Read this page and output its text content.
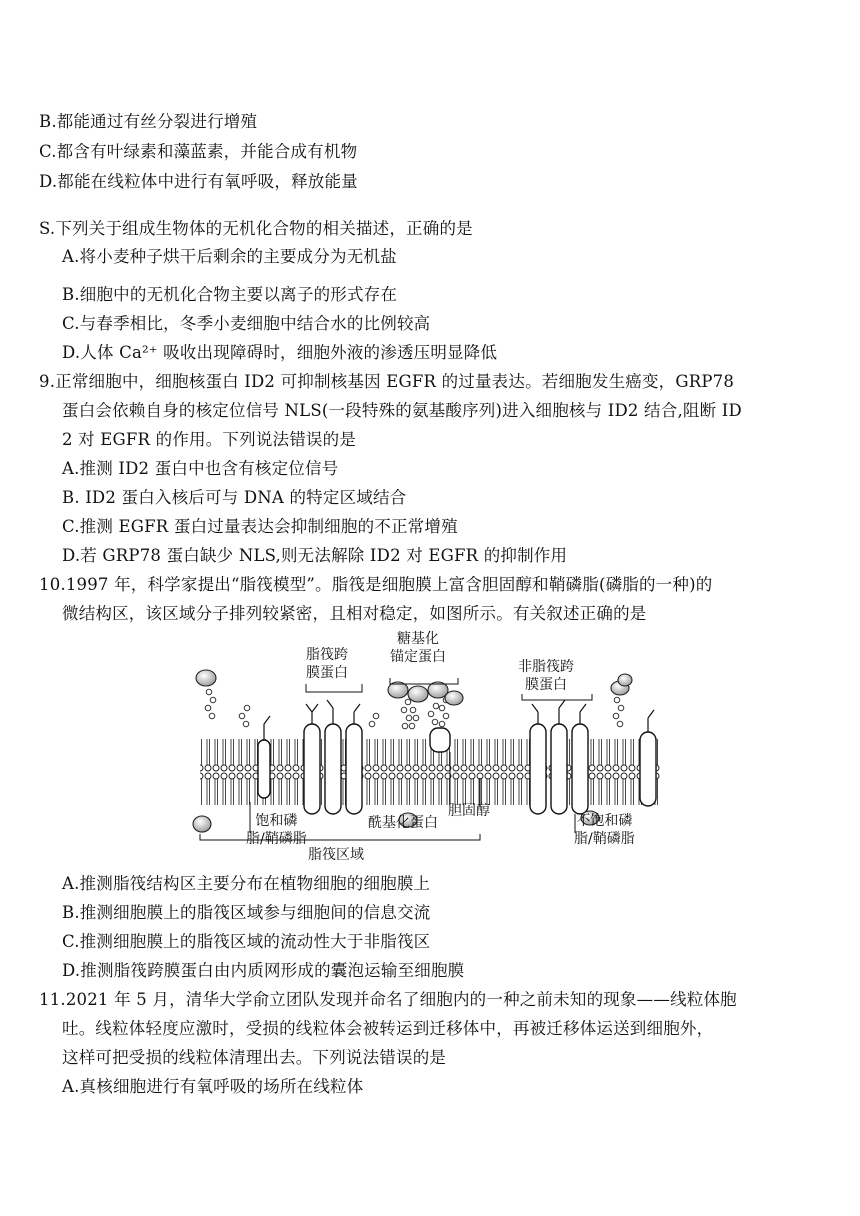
B.都能通过有丝分裂进行增殖
C.都含有叶绿素和藻蓝素，并能合成有机物
D.都能在线粒体中进行有氧呼吸，释放能量
S.下列关于组成生物体的无机化合物的相关描述，正确的是
A.将小麦种子烘干后剩余的主要成分为无机盐
B.细胞中的无机化合物主要以离子的形式存在
C.与春季相比，冬季小麦细胞中结合水的比例较高
D.人体 Ca²⁺ 吸收出现障碍时，细胞外液的渗透压明显降低
9.正常细胞中，细胞核蛋白 ID2 可抑制核基因 EGFR 的过量表达。若细胞发生癌变，GRP78
蛋白会依赖自身的核定位信号 NLS(一段特殊的氨基酸序列)进入细胞核与 ID2 结合,阻断 ID
2 对 EGFR 的作用。下列说法错误的是
A.推测 ID2 蛋白中也含有核定位信号
B. ID2 蛋白入核后可与 DNA 的特定区域结合
C.推测 EGFR 蛋白过量表达会抑制细胞的不正常增殖
D.若 GRP78 蛋白缺少 NLS,则无法解除 ID2 对 EGFR 的抑制作用
10.1997 年，科学家提出“脂筏模型”。脂筏是细胞膜上富含胆固醇和鞘磷脂(磷脂的一种)的
微结构区，该区域分子排列较紧密，且相对稳定，如图所示。有关叙述正确的是
脂筏跨
膜蛋白
糖基化
锚定蛋白
非脂筏跨
膜蛋白
饱和磷
脂/鞘磷脂
酰基化蛋白
胆固醇
不饱和磷
脂/鞘磷脂
脂筏区域
A.推测脂筏结构区主要分布在植物细胞的细胞膜上
B.推测细胞膜上的脂筏区域参与细胞间的信息交流
C.推测细胞膜上的脂筏区域的流动性大于非脂筏区
D.推测脂筏跨膜蛋白由内质网形成的囊泡运输至细胞膜
11.2021 年 5 月，清华大学俞立团队发现并命名了细胞内的一种之前未知的现象——线粒体胞
吐。线粒体轻度应激时，受损的线粒体会被转运到迁移体中，再被迁移体运送到细胞外，
这样可把受损的线粒体清理出去。下列说法错误的是
A.真核细胞进行有氧呼吸的场所在线粒体
